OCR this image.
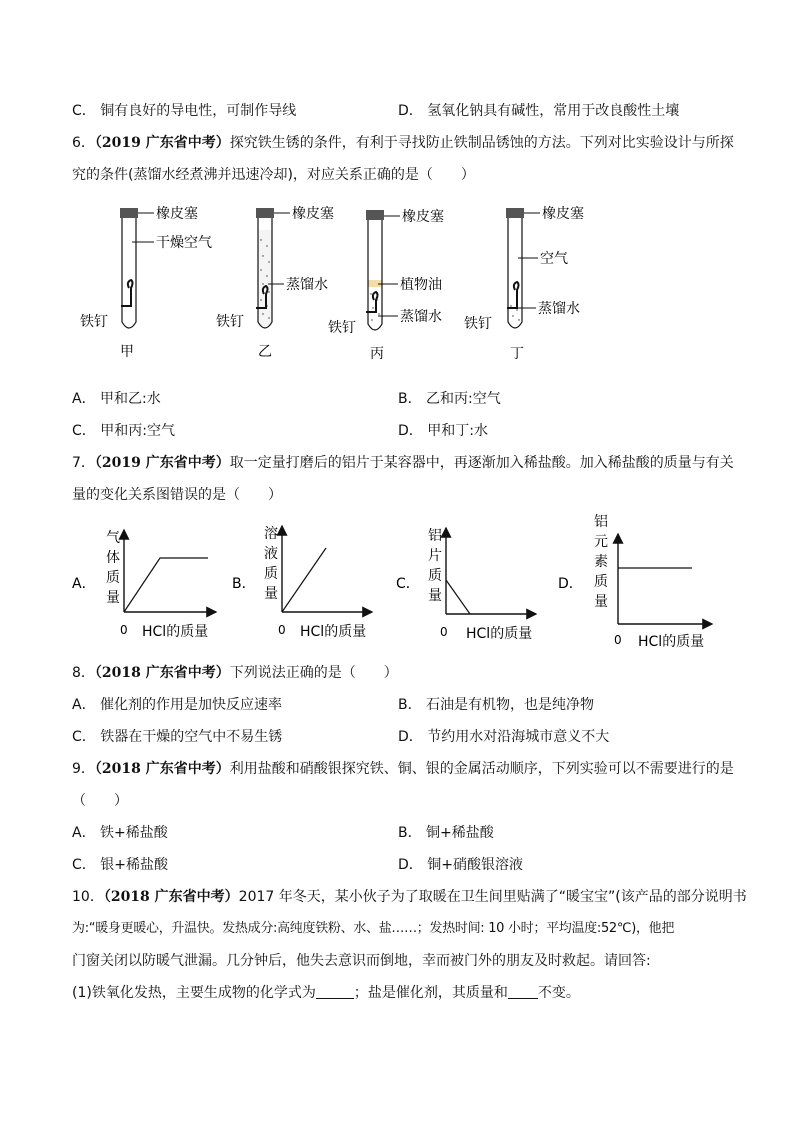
C． 铜有良好的导电性，可制作导线	D． 氢氧化钠具有碱性，常用于改良酸性土壤
6．（2019 广东省中考）探究铁生锈的条件，有利于寻找防止铁制品锈蚀的方法。下列对比实验设计与所探
究的条件(蒸馏水经煮沸并迅速冷却)，对应关系正确的是（　　）
橡皮塞
干燥空气
铁钉
甲
橡皮塞
蒸馏水
铁钉
乙
橡皮塞
植物油
蒸馏水
铁钉
丙
橡皮塞
空气
蒸馏水
铁钉
丁
A． 甲和乙:水	B． 乙和丙:空气
C． 甲和丙:空气	D． 甲和丁:水
7．（2019 广东省中考）取一定量打磨后的铝片于某容器中，再逐渐加入稀盐酸。加入稀盐酸的质量与有关
量的变化关系图错误的是（　　）
A．
气
体
质
量
0 HCl的质量
B．
溶
液
质
量
0 HCl的质量
C．
铝
片
质
量
0 HCl的质量
D．
铝
元
素
质
量
0 HCl的质量
8．（2018 广东省中考）下列说法正确的是（　　）
A． 催化剂的作用是加快反应速率	B． 石油是有机物，也是纯净物
C． 铁器在干燥的空气中不易生锈	D． 节约用水对沿海城市意义不大
9．（2018 广东省中考）利用盐酸和硝酸银探究铁、铜、银的金属活动顺序，下列实验可以不需要进行的是
（　　）
A． 铁+稀盐酸	B． 铜+稀盐酸
C． 银+稀盐酸	D． 铜+硝酸银溶液
10．（2018 广东省中考）2017 年冬天，某小伙子为了取暖在卫生间里贴满了“暖宝宝”(该产品的部分说明书
为:“暖身更暖心，升温快。发热成分:高纯度铁粉、水、盐……；发热时间: 10 小时；平均温度:52℃)，他把
门窗关闭以防暖气泄漏。几分钟后，他失去意识而倒地，幸而被门外的朋友及时救起。请回答:
(1)铁氧化发热，主要生成物的化学式为	；盐是催化剂，其质量和 不变。
